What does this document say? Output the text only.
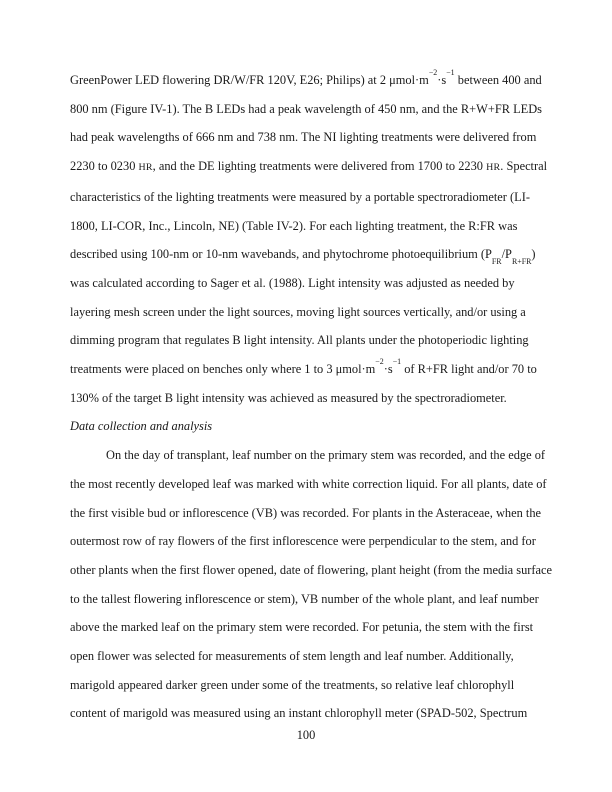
GreenPower LED flowering DR/W/FR 120V, E26; Philips) at 2 $\mu mol\cdot m^{-2}\cdot s^{-1}$ between 400 and
800 nm (Figure IV-1). The B LEDs had a peak wavelength of 450 nm, and the R+W+FR LEDs
had peak wavelengths of 666 nm and 738 nm. The NI lighting treatments were delivered from
2230 to 0230 HR, and the DE lighting treatments were delivered from 1700 to 2230 HR. Spectral
characteristics of the lighting treatments were measured by a portable spectroradiometer (LI-
1800, LI-COR, Inc., Lincoln, NE) (Table IV-2). For each lighting treatment, the R:FR was
described using 100-nm or 10-nm wavebands, and phytochrome photoequilibrium $(P_{FR}/P_{R+FR})$
was calculated according to Sager et al. (1988). Light intensity was adjusted as needed by
layering mesh screen under the light sources, moving light sources vertically, and/or using a
dimming program that regulates B light intensity. All plants under the photoperiodic lighting
treatments were placed on benches only where 1 to 3 $\mu mol\cdot m^{-2}\cdot s^{-1}$ of R+FR light and/or 70 to
130% of the target B light intensity was achieved as measured by the spectroradiometer.
Data collection and analysis
On the day of transplant, leaf number on the primary stem was recorded, and the edge of
the most recently developed leaf was marked with white correction liquid. For all plants, date of
the first visible bud or inflorescence (VB) was recorded. For plants in the Asteraceae, when the
outermost row of ray flowers of the first inflorescence were perpendicular to the stem, and for
other plants when the first flower opened, date of flowering, plant height (from the media surface
to the tallest flowering inflorescence or stem), VB number of the whole plant, and leaf number
above the marked leaf on the primary stem were recorded. For petunia, the stem with the first
open flower was selected for measurements of stem length and leaf number. Additionally,
marigold appeared darker green under some of the treatments, so relative leaf chlorophyll
content of marigold was measured using an instant chlorophyll meter (SPAD-502, Spectrum
100
